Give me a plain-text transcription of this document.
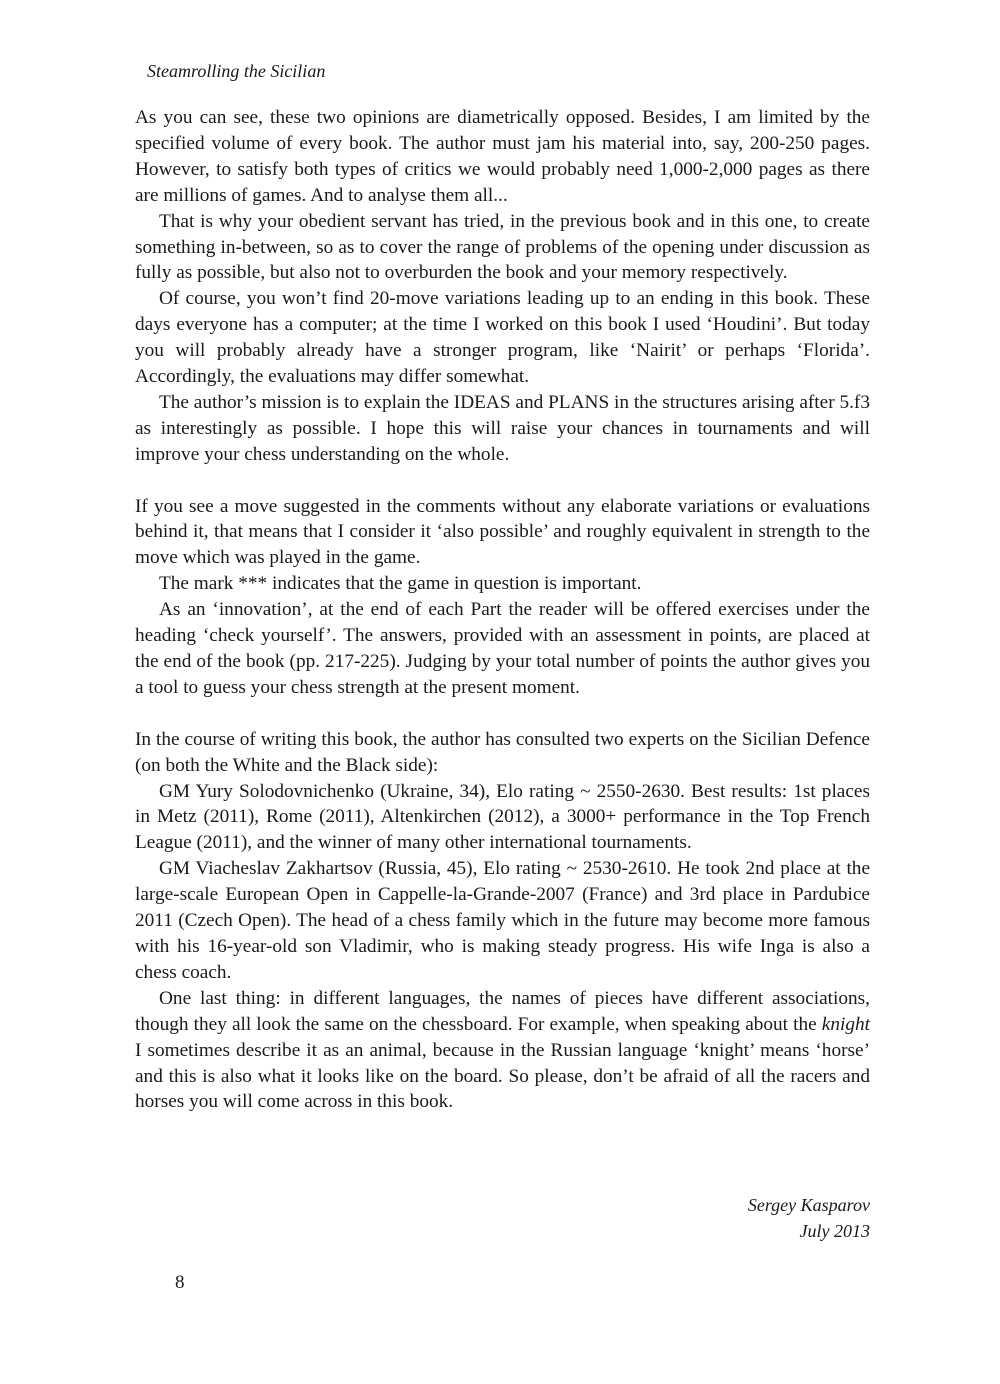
Steamrolling the Sicilian

As you can see, these two opinions are diametrically opposed. Besides, I am limited by the specified volume of every book. The author must jam his material into, say, 200-250 pages. However, to satisfy both types of critics we would probably need 1,000-2,000 pages as there are millions of games. And to analyse them all...

That is why your obedient servant has tried, in the previous book and in this one, to create something in-between, so as to cover the range of problems of the opening under discussion as fully as possible, but also not to overburden the book and your memory respectively.

Of course, you won’t find 20-move variations leading up to an ending in this book. These days everyone has a computer; at the time I worked on this book I used ‘Houdini’. But today you will probably already have a stronger program, like ‘Nairit’ or perhaps ‘Florida’. Accordingly, the evaluations may differ somewhat.

The author’s mission is to explain the IDEAS and PLANS in the structures arising after 5.f3 as interestingly as possible. I hope this will raise your chances in tournaments and will improve your chess understanding on the whole.

If you see a move suggested in the comments without any elaborate variations or evaluations behind it, that means that I consider it ‘also possible’ and roughly equivalent in strength to the move which was played in the game.

The mark *** indicates that the game in question is important.

As an ‘innovation’, at the end of each Part the reader will be offered exercises under the heading ‘check yourself’. The answers, provided with an assessment in points, are placed at the end of the book (pp. 217-225). Judging by your total number of points the author gives you a tool to guess your chess strength at the present moment.

In the course of writing this book, the author has consulted two experts on the Sicilian Defence (on both the White and the Black side):

GM Yury Solodovnichenko (Ukraine, 34), Elo rating ~ 2550-2630. Best results: 1st places in Metz (2011), Rome (2011), Altenkirchen (2012), a 3000+ performance in the Top French League (2011), and the winner of many other international tournaments.

GM Viacheslav Zakhartsov (Russia, 45), Elo rating ~ 2530-2610. He took 2nd place at the large-scale European Open in Cappelle-la-Grande-2007 (France) and 3rd place in Pardubice 2011 (Czech Open). The head of a chess family which in the future may become more famous with his 16-year-old son Vladimir, who is making steady progress. His wife Inga is also a chess coach.

One last thing: in different languages, the names of pieces have different associations, though they all look the same on the chessboard. For example, when speaking about the knight I sometimes describe it as an animal, because in the Russian language ‘knight’ means ‘horse’ and this is also what it looks like on the board. So please, don’t be afraid of all the racers and horses you will come across in this book.

Sergey Kasparov
July 2013
8
